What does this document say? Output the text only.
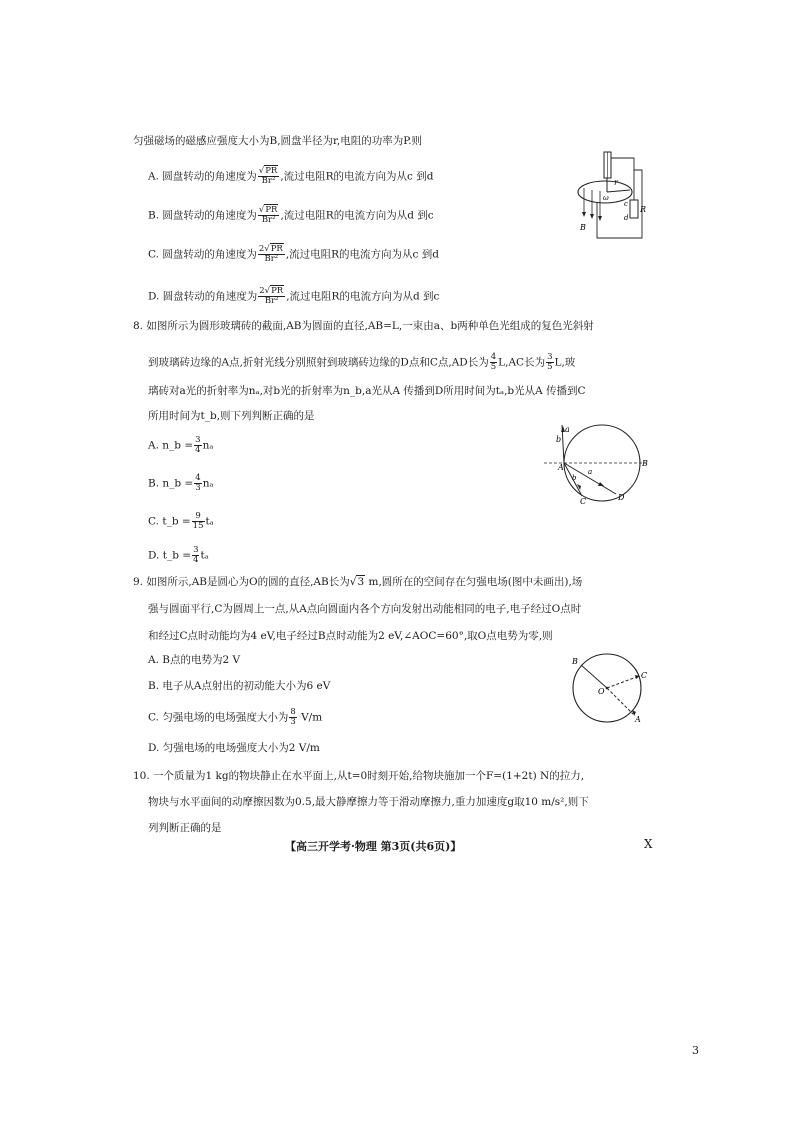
匀强磁场的磁感应强度大小为B,圆盘半径为r,电阻的功率为P.则
A. 圆盘转动的角速度为 $\frac{√PR}{\text{Br²}}$ ,流过电阻R的电流方向为从c 到d
B. 圆盘转动的角速度为 $\frac{√PR}{\text{Br²}}$ ,流过电阻R的电流方向为从d 到c
C. 圆盘转动的角速度为 $\frac{2√PR}{\text{Br²}}$ ,流过电阻R的电流方向为从c 到d
D. 圆盘转动的角速度为 $\frac{2√PR}{\text{Br²}}$ ,流过电阻R的电流方向为从d 到c
r
c
d
R
B
ω
8. 如图所示为圆形玻璃砖的截面,AB为圆面的直径,AB=L,一束由a、b两种单色光组成的复色光斜射
到玻璃砖边缘的A点,折射光线分别照射到玻璃砖边缘的D点和C点,AD长为 $\frac{4}{5} L,AC$长为 $\frac{3}{5} L$,玻
璃砖对a光的折射率为nₐ,对b光的折射率为n_b,a光从A 传播到D所用时间为tₐ,b光从A 传播到C
所用时间为t_b,则下列判断正确的是
A. n_b = $\frac{3}{4}$ nₐ
B. n_b = $\frac{4}{3}$ nₐ
C. t_b = $\frac{9}{15}$ tₐ
D. t_b = $\frac{3}{4}$ tₐ
b
a
A	B
C	D
a
b
9. 如图所示,AB是圆心为O的圆的直径,AB长为√3 m,圆所在的空间存在匀强电场(图中未画出),场
强与圆面平行,C为圆周上一点,从A点向圆面内各个方向发射出动能相同的电子,电子经过O点时
和经过C点时动能均为4 eV,电子经过B点时动能为2 eV,∠AOC=60°,取O点电势为零,则
A. B点的电势为2 V
B. 电子从A点射出的初动能大小为6 eV
C. 匀强电场的电场强度大小为 $\frac{8}{3} V/m$
D. 匀强电场的电场强度大小为2 V/m
B
C
O
A
10. 一个质量为1 kg的物块静止在水平面上,从t=0时刻开始,给物块施加一个F=(1+2t) N的拉力,
物块与水平面间的动摩擦因数为0.5,最大静摩擦力等于滑动摩擦力,重力加速度g取10 m/s²,则下
列判断正确的是
【高三开学考·物理 第3页(共6页)】	X
3
